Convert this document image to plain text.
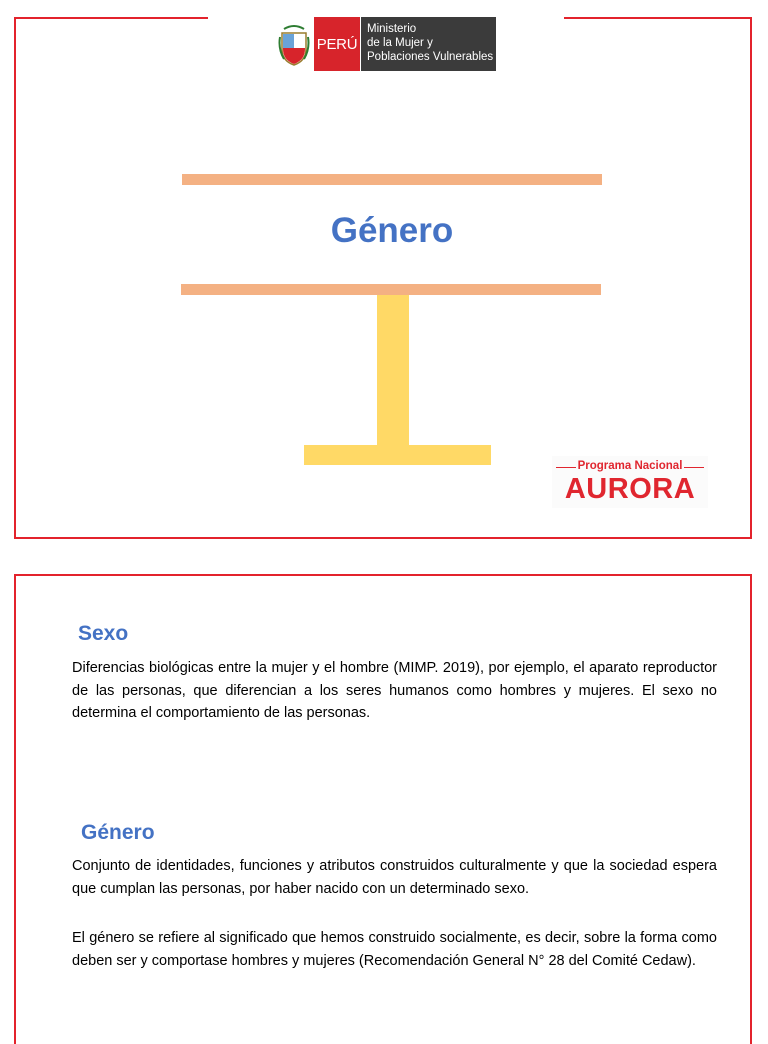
PERÚ
Ministerio
de la Mujer y
Poblaciones Vulnerables
Género
Programa Nacional
AURORA
Sexo
Diferencias biológicas entre la mujer y el hombre (MIMP. 2019), por ejemplo, el aparato reproductor de las personas, que diferencian a los seres humanos como hombres y mujeres. El sexo no determina el comportamiento de las personas.
Género
Conjunto de identidades, funciones y atributos construidos culturalmente y que la sociedad espera que cumplan las personas, por haber nacido con un determinado sexo.
El género se refiere al significado que hemos construido socialmente, es decir, sobre la forma como deben ser y comportase hombres y mujeres (Recomendación General N° 28 del Comité Cedaw).
